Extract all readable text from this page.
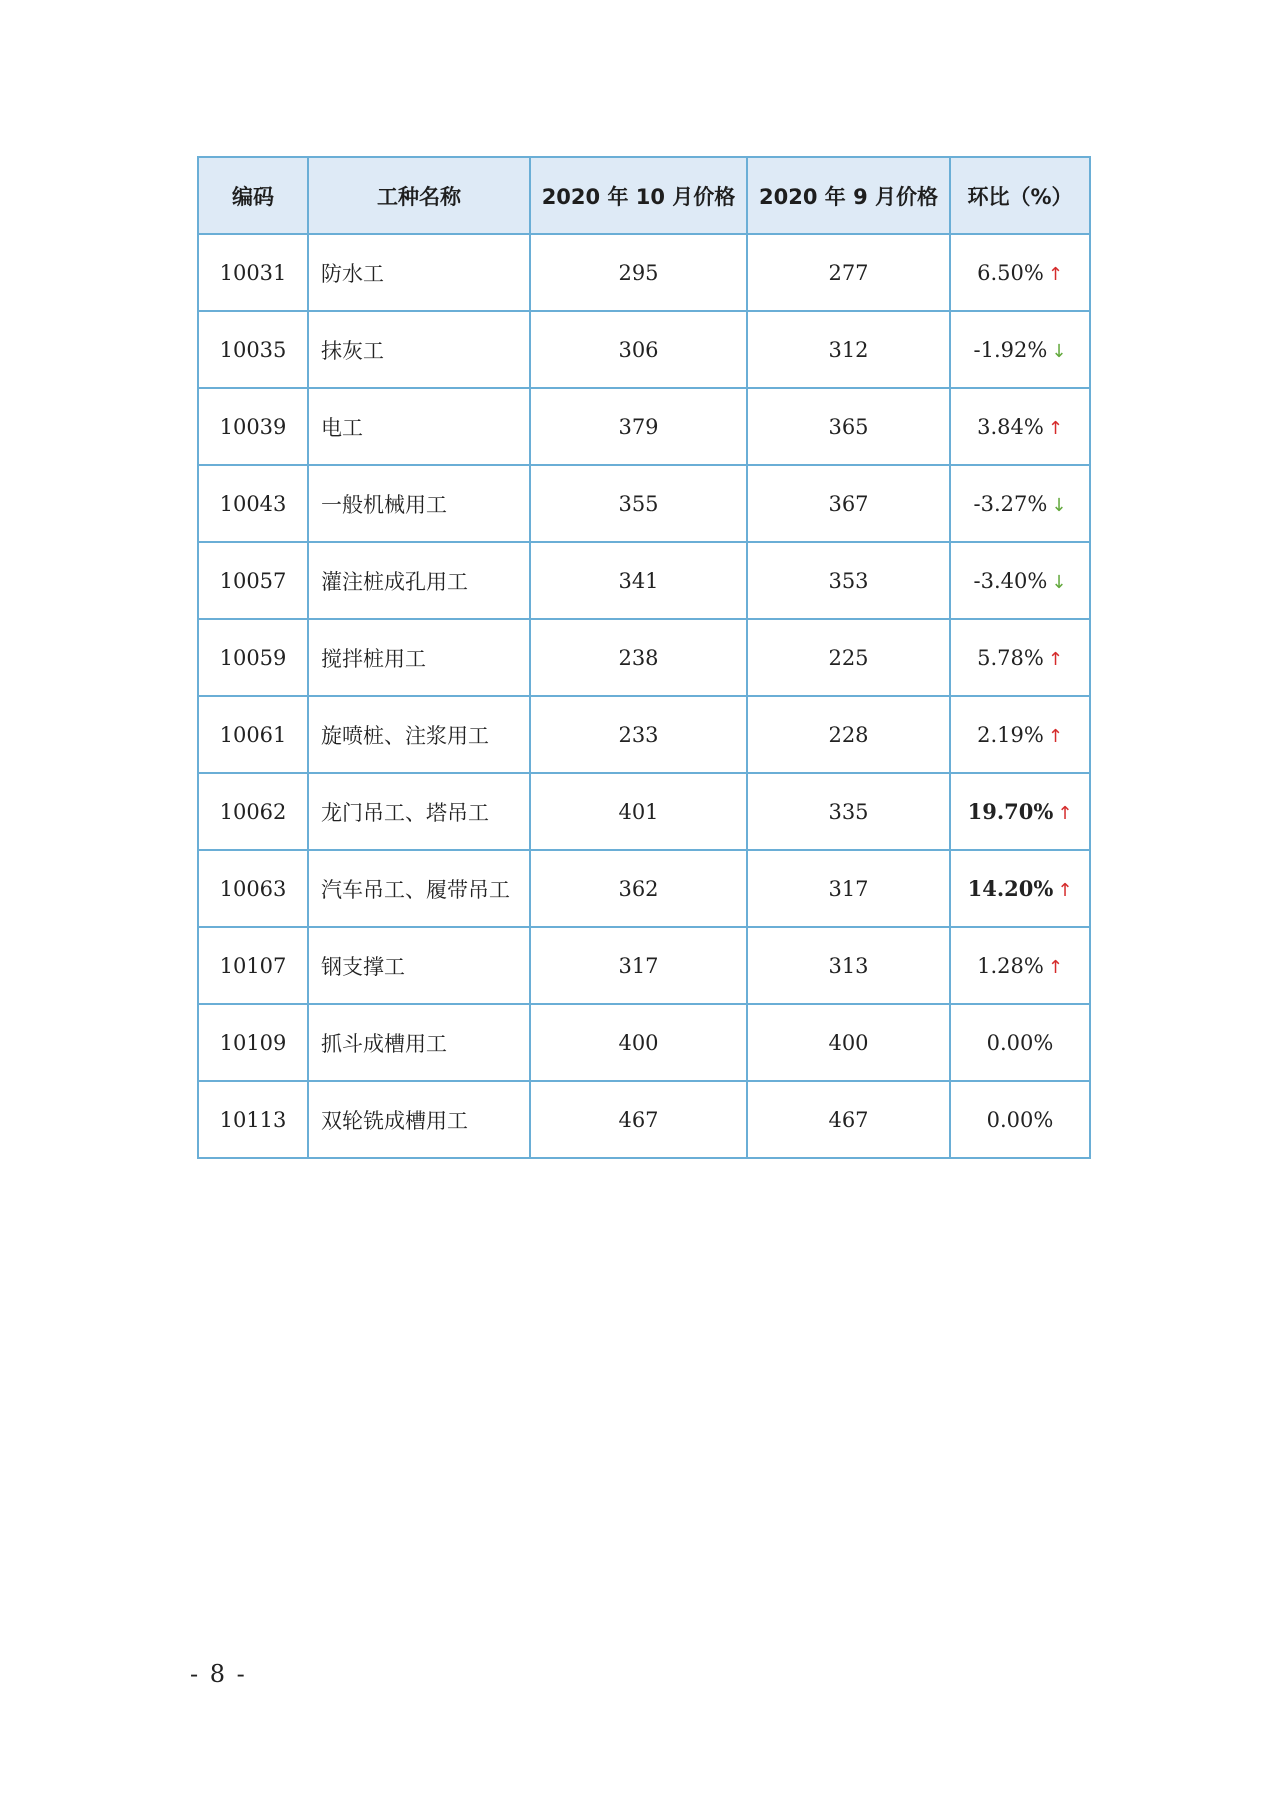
编码	工种名称	2020 年 10 月价格	2020 年 9 月价格	环比（%）
10031	防水工	295	277	6.50% ↑
10035	抹灰工	306	312	-1.92% ↓
10039	电工	379	365	3.84% ↑
10043	一般机械用工	355	367	-3.27% ↓
10057	灌注桩成孔用工	341	353	-3.40% ↓
10059	搅拌桩用工	238	225	5.78% ↑
10061	旋喷桩、注浆用工	233	228	2.19% ↑
10062	龙门吊工、塔吊工	401	335	19.70% ↑
10063	汽车吊工、履带吊工	362	317	14.20% ↑
10107	钢支撑工	317	313	1.28% ↑
10109	抓斗成槽用工	400	400	0.00%
10113	双轮铣成槽用工	467	467	0.00%
- 8 -
